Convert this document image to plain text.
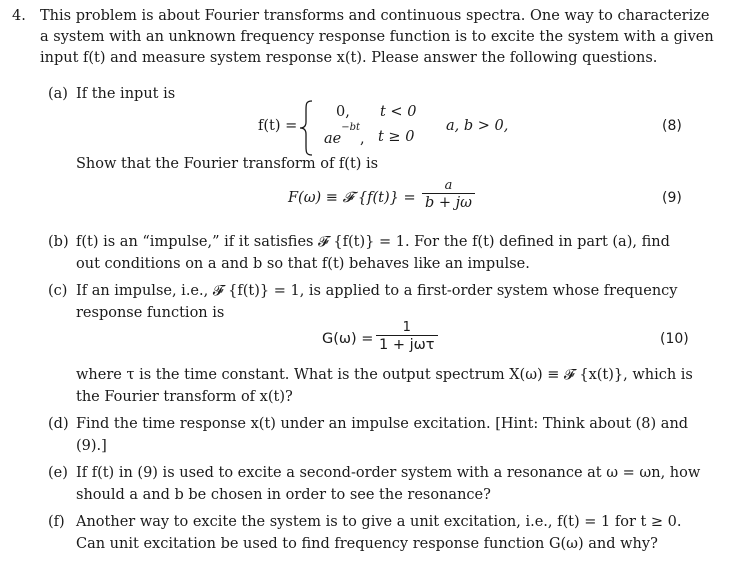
4. This problem is about Fourier transforms and continuous spectra. One way to characterize
a system with an unknown frequency response function is to excite the system with a given
input f(t) and measure system response x(t). Please answer the following questions.
(a) If the input is
f(t) =
0, t < 0
$ae^{-bt}$, t ≥ 0
a, b > 0,	(8)
Show that the Fourier transform of f(t) is
F(ω) ≡ 𝓕 $\{f(t)\} = \frac{a}{b + j\omega}$	(9)
(b) f(t) is an “impulse,” if it satisfies 𝓕 {f(t)} = 1. For the f(t) defined in part (a), find
out conditions on a and b so that f(t) behaves like an impulse.
(c) If an impulse, i.e., 𝓕 {f(t)} = 1, is applied to a first-order system whose frequency
response function is
G(ω) =
1
1 + jωτ	(10)
where τ is the time constant. What is the output spectrum X(ω) ≡ 𝓕 {x(t)}, which is
the Fourier transform of x(t)?
(d) Find the time response x(t) under an impulse excitation. [Hint: Think about (8) and
(9).]
(e) If f(t) in (9) is used to excite a second-order system with a resonance at ω = ωn, how
should a and b be chosen in order to see the resonance?
(f) Another way to excite the system is to give a unit excitation, i.e., f(t) = 1 for t ≥ 0.
Can unit excitation be used to find frequency response function G(ω) and why?
